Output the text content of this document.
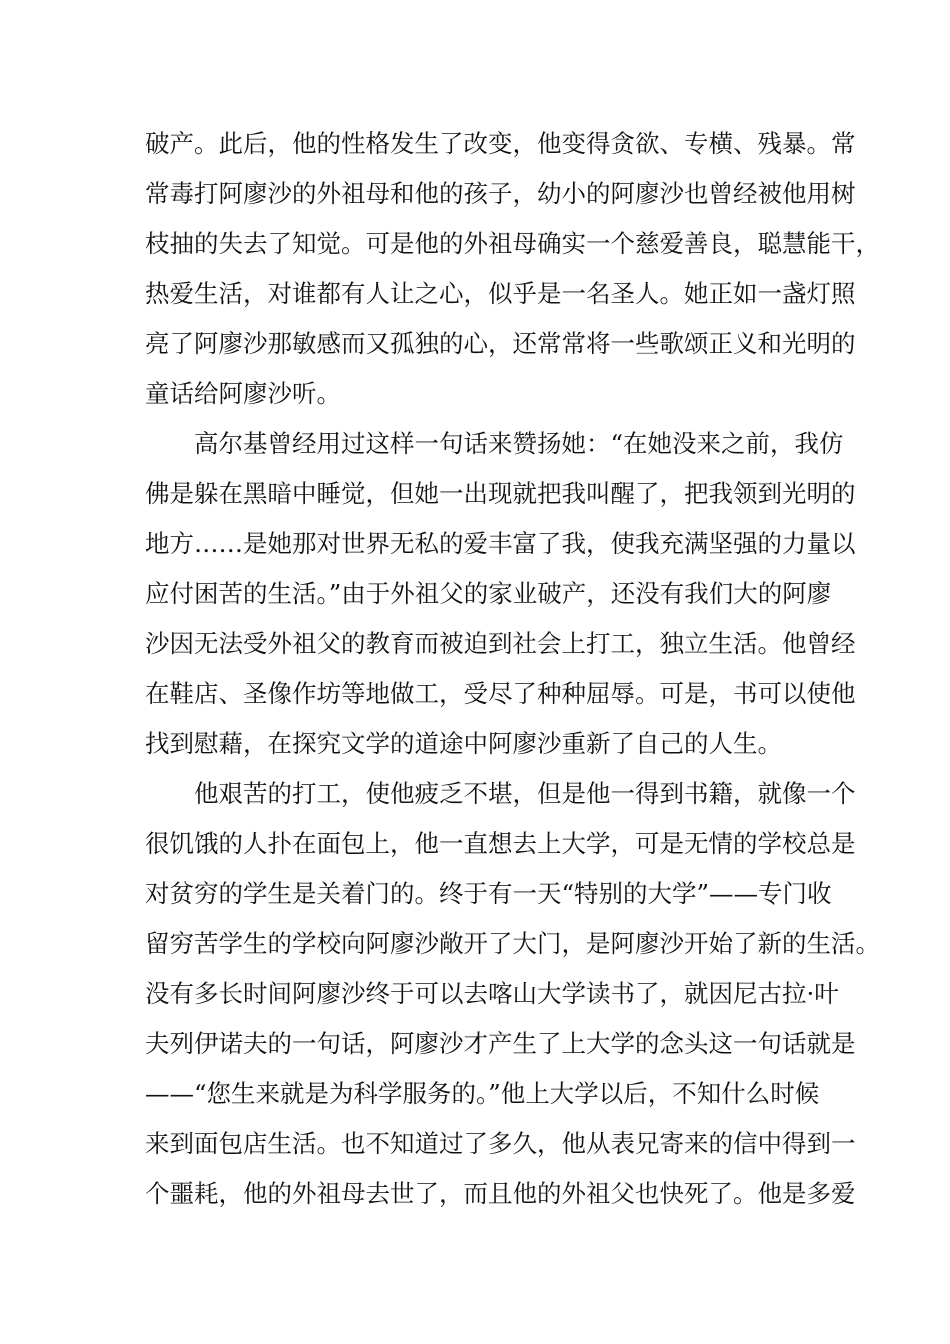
破产。此后，他的性格发生了改变，他变得贪欲、专横、残暴。常
常毒打阿廖沙的外祖母和他的孩子，幼小的阿廖沙也曾经被他用树
枝抽的失去了知觉。可是他的外祖母确实一个慈爱善良，聪慧能干，
热爱生活，对谁都有人让之心，似乎是一名圣人。她正如一盏灯照
亮了阿廖沙那敏感而又孤独的心，还常常将一些歌颂正义和光明的
童话给阿廖沙听。
高尔基曾经用过这样一句话来赞扬她：“在她没来之前，我仿
佛是躲在黑暗中睡觉，但她一出现就把我叫醒了，把我领到光明的
地方……是她那对世界无私的爱丰富了我，使我充满坚强的力量以
应付困苦的生活。”由于外祖父的家业破产，还没有我们大的阿廖
沙因无法受外祖父的教育而被迫到社会上打工，独立生活。他曾经
在鞋店、圣像作坊等地做工，受尽了种种屈辱。可是，书可以使他
找到慰藉，在探究文学的道途中阿廖沙重新了自己的人生。
他艰苦的打工，使他疲乏不堪，但是他一得到书籍，就像一个
很饥饿的人扑在面包上，他一直想去上大学，可是无情的学校总是
对贫穷的学生是关着门的。终于有一天“特别的大学”——专门收
留穷苦学生的学校向阿廖沙敞开了大门，是阿廖沙开始了新的生活。
没有多长时间阿廖沙终于可以去喀山大学读书了，就因尼古拉·叶
夫列伊诺夫的一句话，阿廖沙才产生了上大学的念头这一句话就是
——“您生来就是为科学服务的。”他上大学以后，不知什么时候
来到面包店生活。也不知道过了多久，他从表兄寄来的信中得到一
个噩耗，他的外祖母去世了，而且他的外祖父也快死了。他是多爱
